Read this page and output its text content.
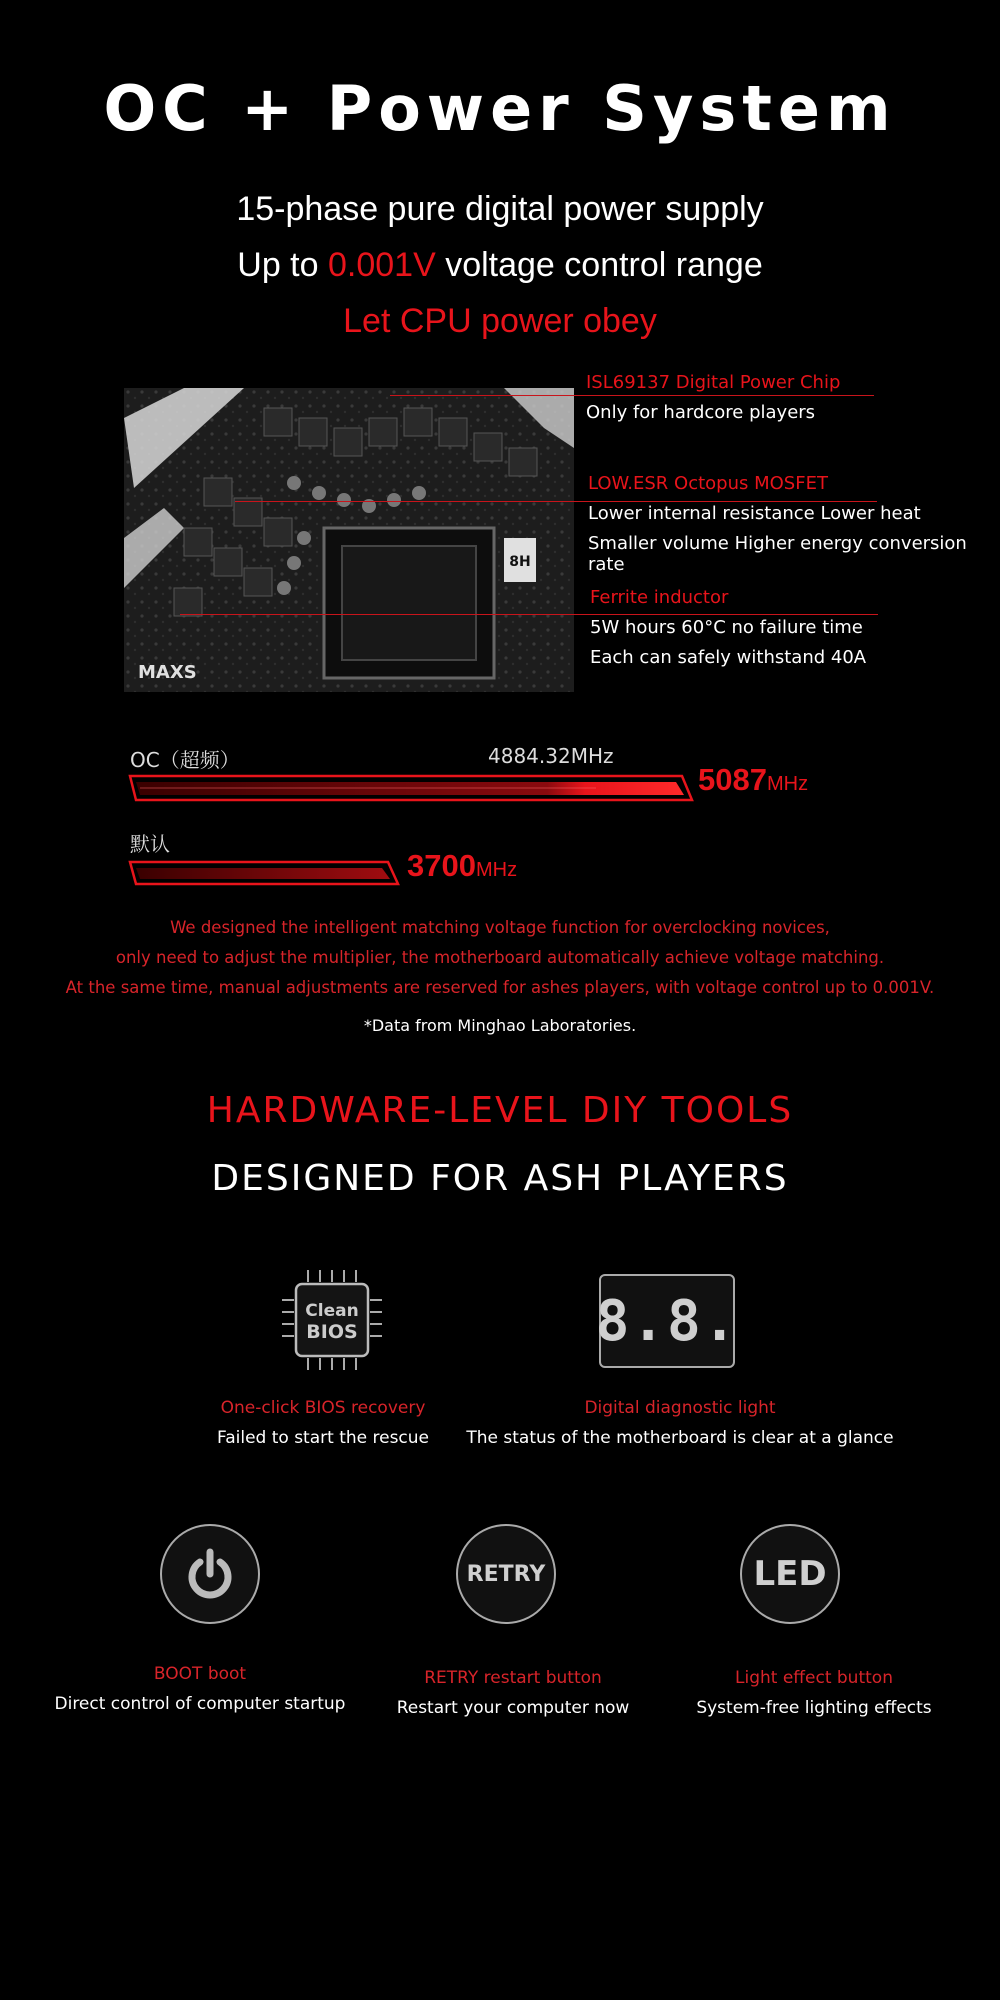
OC + Power System
15-phase pure digital power supply
Up to 0.001V voltage control range
Let CPU power obey
8H
MAXS
ISL69137 Digital Power Chip
Only for hardcore players
LOW.ESR Octopus MOSFET
Lower internal resistance Lower heat
Smaller volume Higher energy conversion rate
Ferrite inductor
5W hours 60°C no failure time
Each can safely withstand 40A
OC（超频）	4884.32MHz
5087MHz
默认
3700MHz
We designed the intelligent matching voltage function for overclocking novices,
only need to adjust the multiplier, the motherboard automatically achieve voltage matching.
At the same time, manual adjustments are reserved for ashes players, with voltage control up to 0.001V.
*Data from Minghao Laboratories.
HARDWARE-LEVEL DIY TOOLS
DESIGNED FOR ASH PLAYERS
Clean
BIOS
One-click BIOS recovery
Failed to start the rescue
8.8.
Digital diagnostic light
The status of the motherboard is clear at a glance
BOOT boot
Direct control of computer startup
RETRY
RETRY restart button
Restart your computer now
LED
Light effect button
System-free lighting effects
